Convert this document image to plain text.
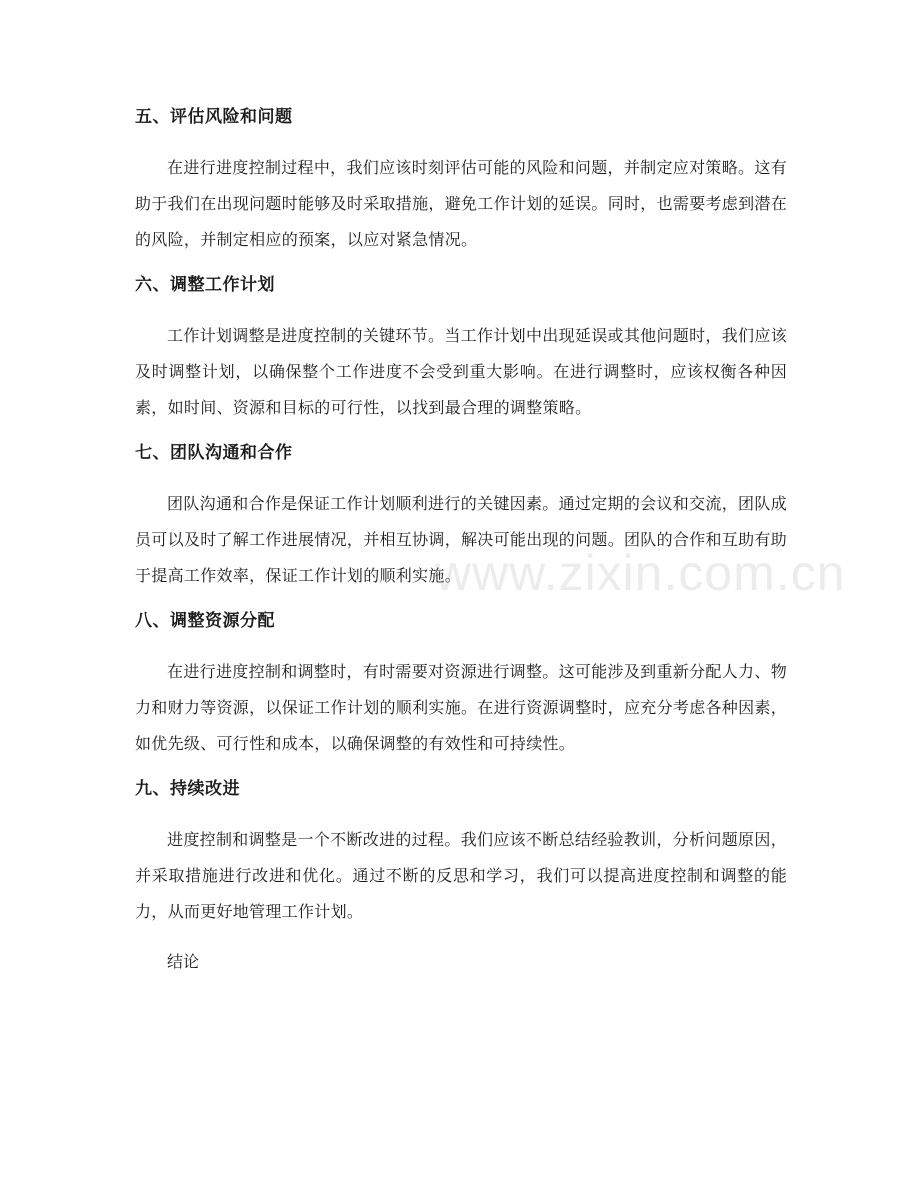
五、评估风险和问题

在进行进度控制过程中，我们应该时刻评估可能的风险和问题，并制定应对策略。这有助于我们在出现问题时能够及时采取措施，避免工作计划的延误。同时，也需要考虑到潜在的风险，并制定相应的预案，以应对紧急情况。

六、调整工作计划

工作计划调整是进度控制的关键环节。当工作计划中出现延误或其他问题时，我们应该及时调整计划，以确保整个工作进度不会受到重大影响。在进行调整时，应该权衡各种因素，如时间、资源和目标的可行性，以找到最合理的调整策略。

七、团队沟通和合作

团队沟通和合作是保证工作计划顺利进行的关键因素。通过定期的会议和交流，团队成员可以及时了解工作进展情况，并相互协调，解决可能出现的问题。团队的合作和互助有助于提高工作效率，保证工作计划的顺利实施。

八、调整资源分配

在进行进度控制和调整时，有时需要对资源进行调整。这可能涉及到重新分配人力、物力和财力等资源，以保证工作计划的顺利实施。在进行资源调整时，应充分考虑各种因素，如优先级、可行性和成本，以确保调整的有效性和可持续性。

九、持续改进

进度控制和调整是一个不断改进的过程。我们应该不断总结经验教训，分析问题原因，并采取措施进行改进和优化。通过不断的反思和学习，我们可以提高进度控制和调整的能力，从而更好地管理工作计划。

结论

www.zixin.com.cn
